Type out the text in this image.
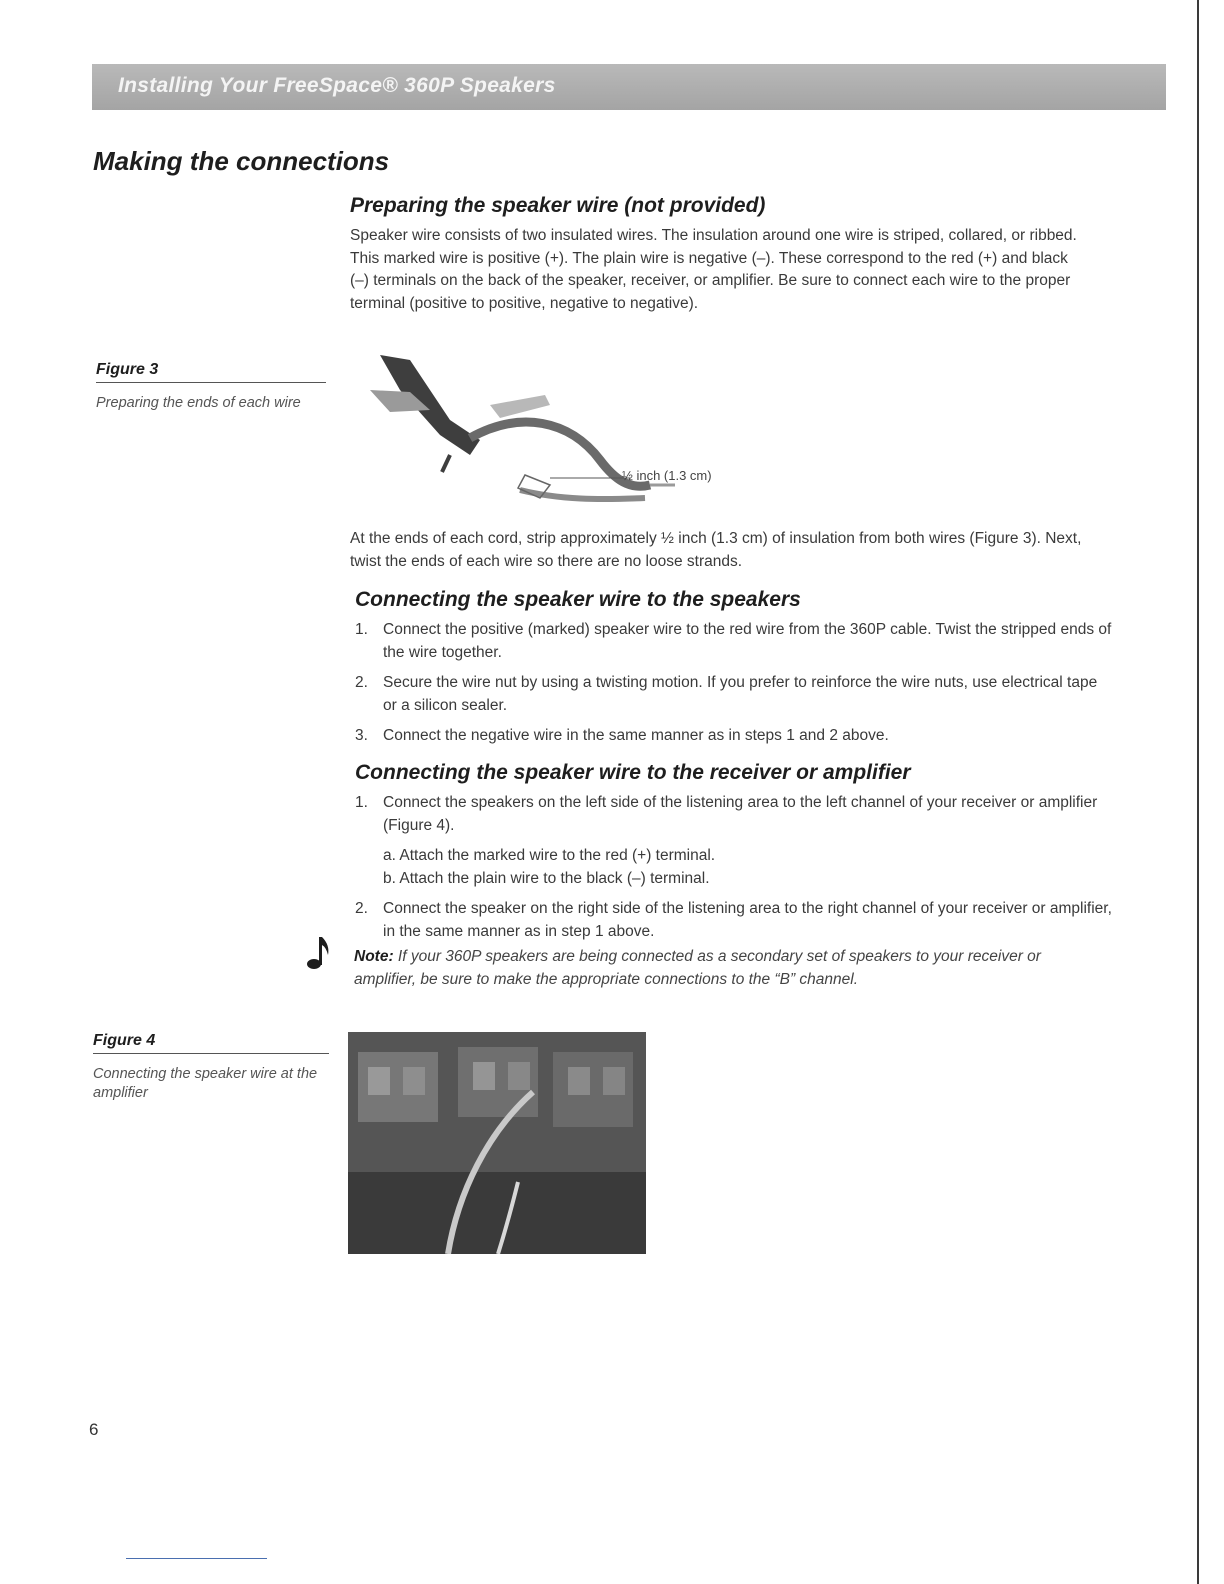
Installing Your FreeSpace® 360P Speakers
Making the connections
Preparing the speaker wire (not provided)
Speaker wire consists of two insulated wires. The insulation around one wire is striped, collared, or ribbed. This marked wire is positive (+). The plain wire is negative (–). These correspond to the red (+) and black (–) terminals on the back of the speaker, receiver, or amplifier. Be sure to connect each wire to the proper terminal (positive to positive, negative to negative).
Figure 3
Preparing the ends of each wire
½ inch (1.3 cm)
At the ends of each cord, strip approximately ½ inch (1.3 cm) of insulation from both wires (Figure 3). Next, twist the ends of each wire so there are no loose strands.
Connecting the speaker wire to the speakers
1. Connect the positive (marked) speaker wire to the red wire from the 360P cable. Twist the stripped ends of the wire together.
2. Secure the wire nut by using a twisting motion. If you prefer to reinforce the wire nuts, use electrical tape or a silicon sealer.
3. Connect the negative wire in the same manner as in steps 1 and 2 above.
Connecting the speaker wire to the receiver or amplifier
1. Connect the speakers on the left side of the listening area to the left channel of your receiver or amplifier (Figure 4).
a. Attach the marked wire to the red (+) terminal.
b. Attach the plain wire to the black (–) terminal.
2. Connect the speaker on the right side of the listening area to the right channel of your receiver or amplifier, in the same manner as in step 1 above.
Note: If your 360P speakers are being connected as a secondary set of speakers to your receiver or amplifier, be sure to make the appropriate connections to the “B” channel.
Figure 4
Connecting the speaker wire at the amplifier
6
